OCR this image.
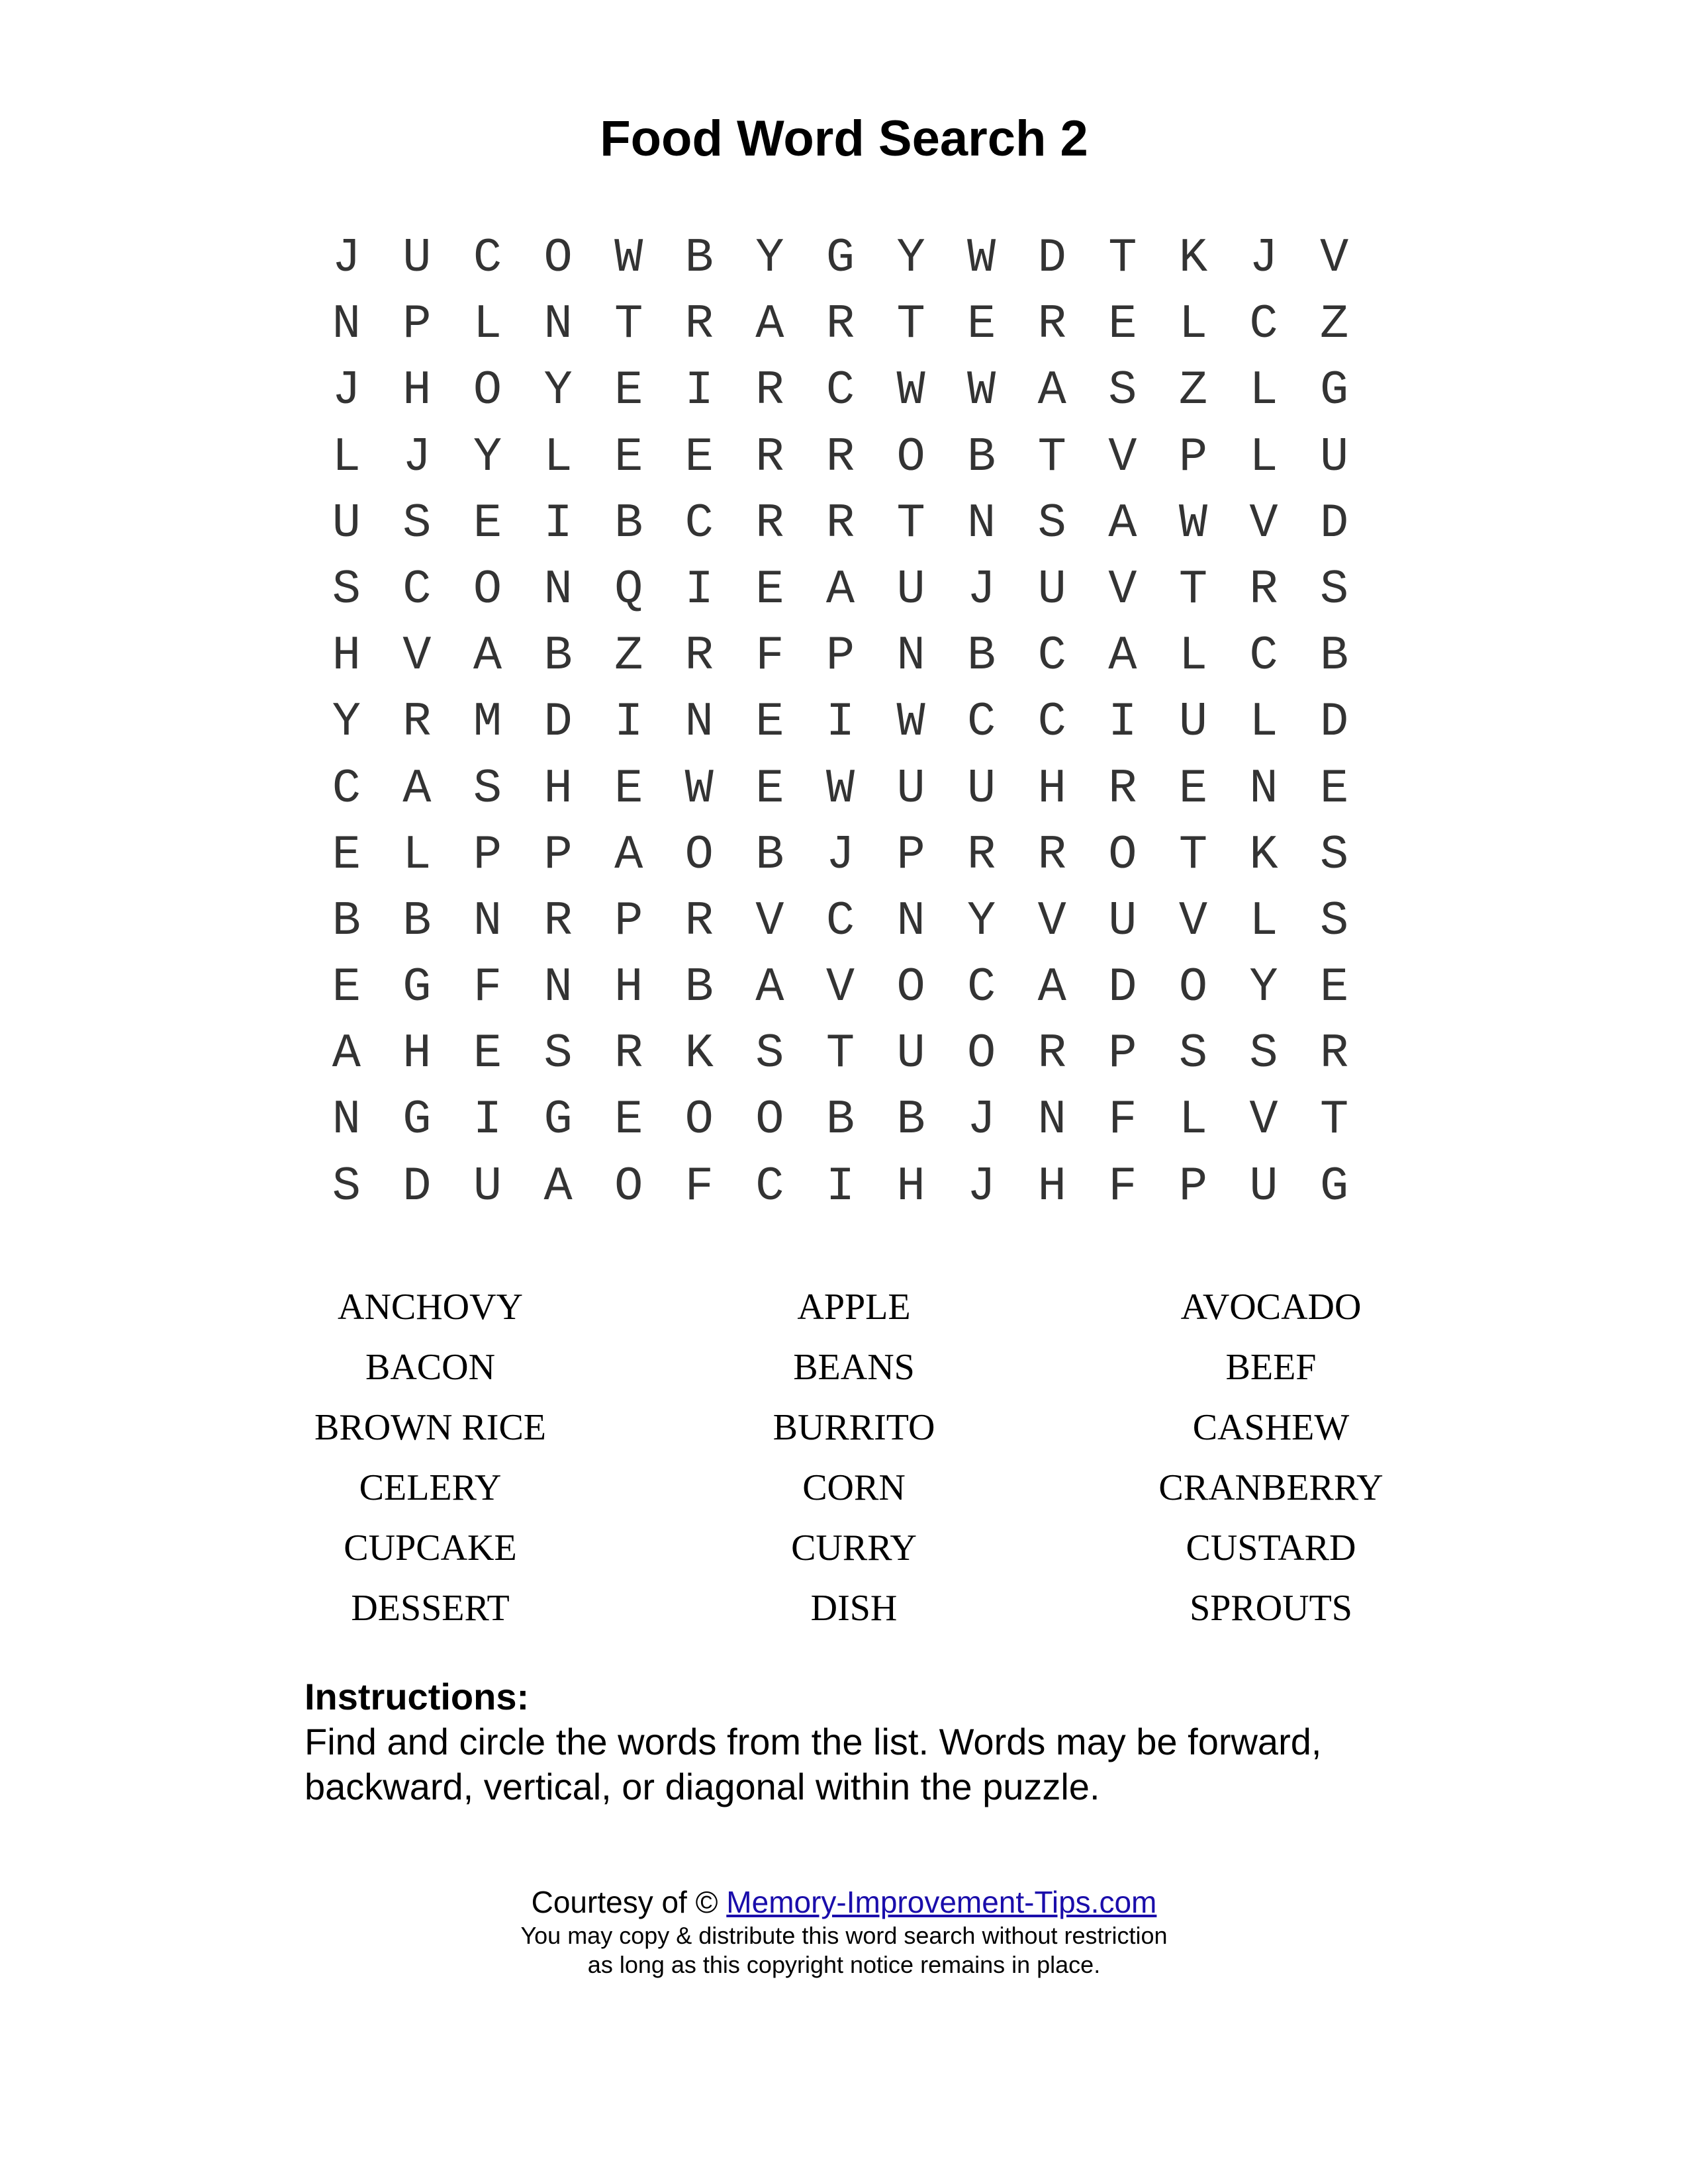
Food Word Search 2
J U C O W B Y G Y W D T K J V
N P L N T R A R T E R E L C Z
J H O Y E I R C W W A S Z L G
L J Y L E E R R O B T V P L U
U S E I B C R R T N S A W V D
S C O N Q I E A U J U V T R S
H V A B Z R F P N B C A L C B
Y R M D I N E I W C C I U L D
C A S H E W E W U U H R E N E
E L P P A O B J P R R O T K S
B B N R P R V C N Y V U V L S
E G F N H B A V O C A D O Y E
A H E S R K S T U O R P S S R
N G I G E O O B B J N F L V T
S D U A O F C I H J H F P U G
ANCHOVY	APPLE	AVOCADO
BACON	BEANS	BEEF
BROWN RICE	BURRITO	CASHEW
CELERY	CORN	CRANBERRY
CUPCAKE	CURRY	CUSTARD
DESSERT	DISH	SPROUTS
Instructions:
Find and circle the words from the list. Words may be forward, backward, vertical, or diagonal within the puzzle.
Courtesy of © Memory-Improvement-Tips.com
You may copy & distribute this word search without restriction
as long as this copyright notice remains in place.
